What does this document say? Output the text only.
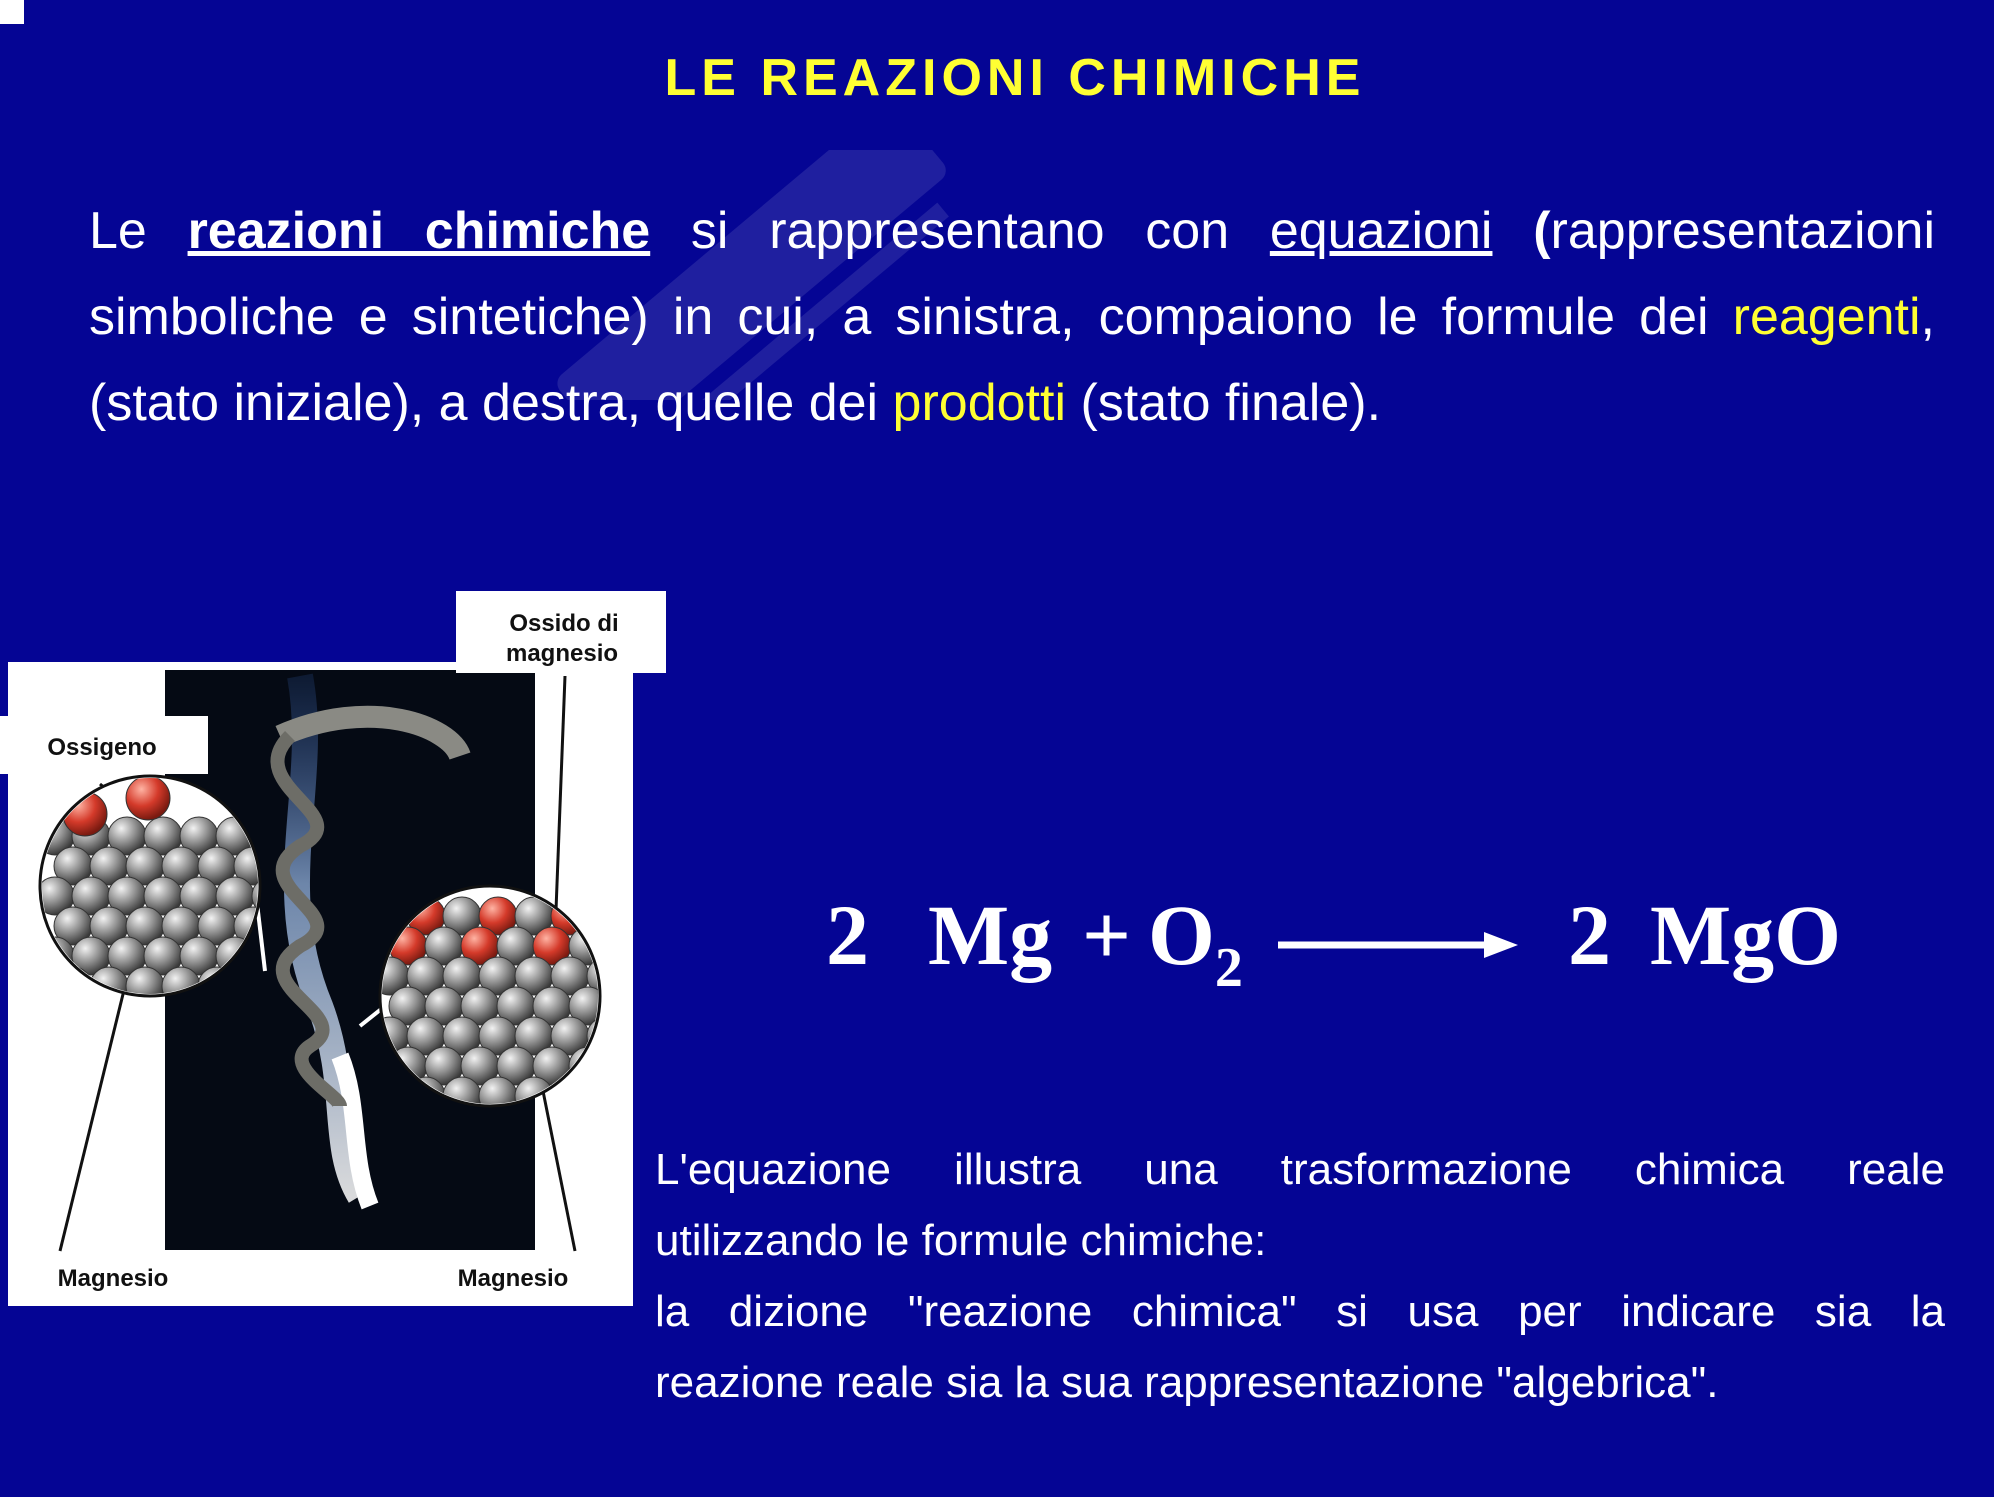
LE REAZIONI CHIMICHE

Le reazioni chimiche si rappresentano con equazioni (rappresentazioni simboliche e sintetiche) in cui, a sinistra, compaiono le formule dei reagenti, (stato iniziale), a destra, quelle dei prodotti (stato finale).

Ossido di
magnesio
Ossigeno
Magnesio	Magnesio
2 $Mg + O_2$	2 MgO

L'equazione illustra una trasformazione chimica reale
utilizzando le formule chimiche:
la dizione "reazione chimica" si usa per indicare sia la
reazione reale sia la sua rappresentazione "algebrica".
